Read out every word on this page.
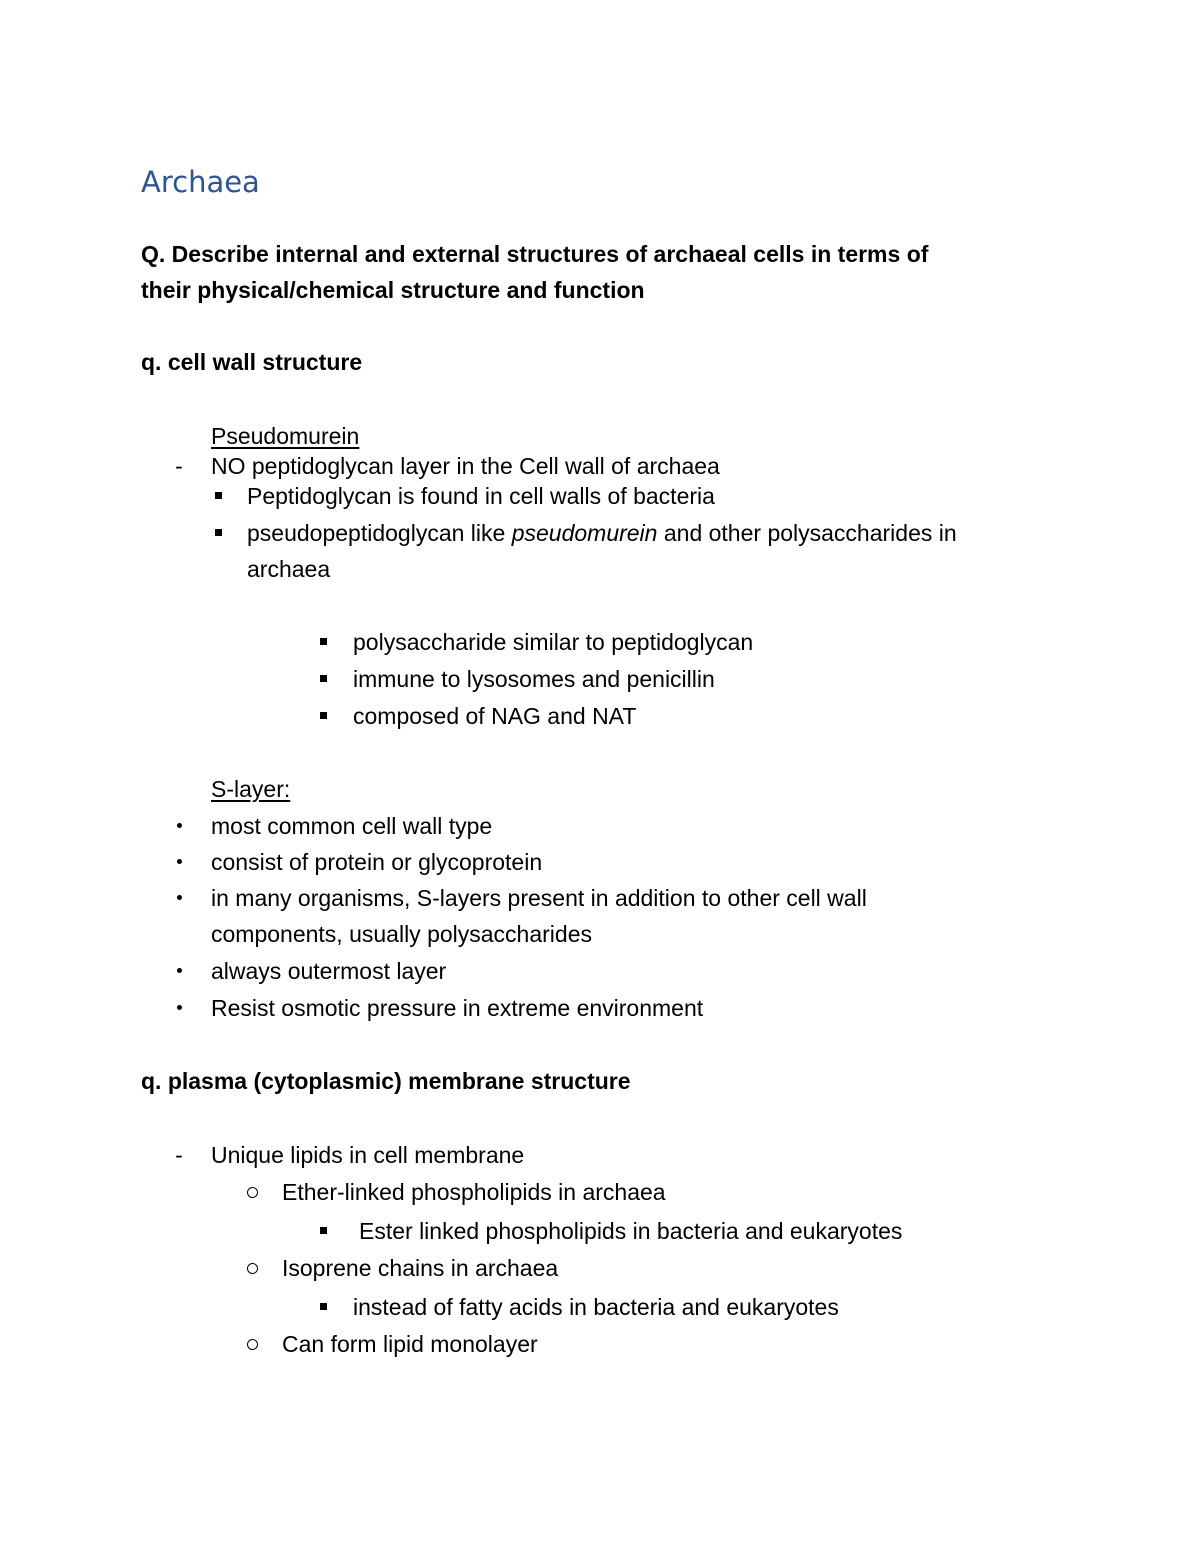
Archaea
Q. Describe internal and external structures of archaeal cells in terms of
their physical/chemical structure and function
q. cell wall structure
Pseudomurein
- NO peptidoglycan layer in the Cell wall of archaea
Peptidoglycan is found in cell walls of bacteria
pseudopeptidoglycan like pseudomurein and other polysaccharides in
archaea
polysaccharide similar to peptidoglycan
immune to lysosomes and penicillin
composed of NAG and NAT
S-layer:
most common cell wall type
consist of protein or glycoprotein
in many organisms, S-layers present in addition to other cell wall
components, usually polysaccharides
always outermost layer
Resist osmotic pressure in extreme environment
q. plasma (cytoplasmic) membrane structure
- Unique lipids in cell membrane
Ether-linked phospholipids in archaea
Ester linked phospholipids in bacteria and eukaryotes
Isoprene chains in archaea
instead of fatty acids in bacteria and eukaryotes
Can form lipid monolayer
